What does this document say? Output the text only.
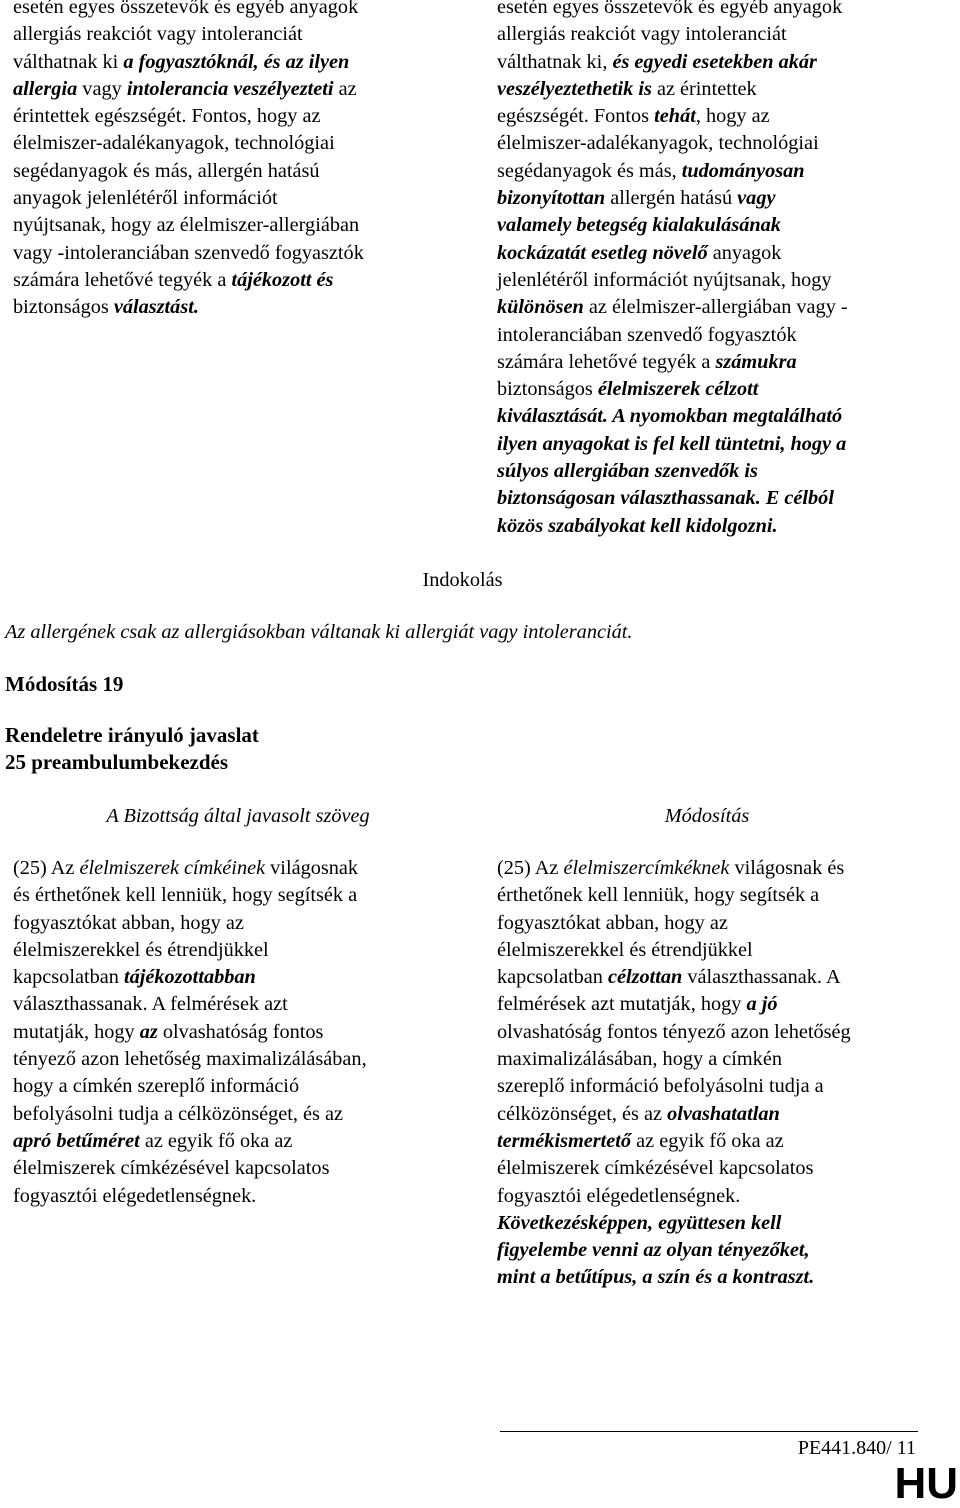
esetén egyes összetevők és egyéb anyagok
allergiás reakciót vagy intoleranciát
válthatnak ki a fogyasztóknál, és az ilyen
allergia vagy intolerancia veszélyezteti az
érintettek egészségét. Fontos, hogy az
élelmiszer-adalékanyagok, technológiai
segédanyagok és más, allergén hatású
anyagok jelenlétéről információt
nyújtsanak, hogy az élelmiszer-allergiában
vagy -intoleranciában szenvedő fogyasztók
számára lehetővé tegyék a tájékozott és
biztonságos választást.
esetén egyes összetevők és egyéb anyagok
allergiás reakciót vagy intoleranciát
válthatnak ki, és egyedi esetekben akár
veszélyeztethetik is az érintettek
egészségét. Fontos tehát, hogy az
élelmiszer-adalékanyagok, technológiai
segédanyagok és más, tudományosan
bizonyítottan allergén hatású vagy
valamely betegség kialakulásának
kockázatát esetleg növelő anyagok
jelenlétéről információt nyújtsanak, hogy
különösen az élelmiszer-allergiában vagy -
intoleranciában szenvedő fogyasztók
számára lehetővé tegyék a számukra
biztonságos élelmiszerek célzott
kiválasztását. A nyomokban megtalálható
ilyen anyagokat is fel kell tüntetni, hogy a
súlyos allergiában szenvedők is
biztonságosan választhassanak. E célból
közös szabályokat kell kidolgozni.
Indokolás
Az allergének csak az allergiásokban váltanak ki allergiát vagy intoleranciát.
Módosítás 19
Rendeletre irányuló javaslat
25 preambulumbekezdés
A Bizottság által javasolt szöveg	Módosítás
(25) Az élelmiszerek címkéinek világosnak
és érthetőnek kell lenniük, hogy segítsék a
fogyasztókat abban, hogy az
élelmiszerekkel és étrendjükkel
kapcsolatban tájékozottabban
választhassanak. A felmérések azt
mutatják, hogy az olvashatóság fontos
tényező azon lehetőség maximalizálásában,
hogy a címkén szereplő információ
befolyásolni tudja a célközönséget, és az
apró betűméret az egyik fő oka az
élelmiszerek címkézésével kapcsolatos
fogyasztói elégedetlenségnek.
(25) Az élelmiszercímkéknek világosnak és
érthetőnek kell lenniük, hogy segítsék a
fogyasztókat abban, hogy az
élelmiszerekkel és étrendjükkel
kapcsolatban célzottan választhassanak. A
felmérések azt mutatják, hogy a jó
olvashatóság fontos tényező azon lehetőség
maximalizálásában, hogy a címkén
szereplő információ befolyásolni tudja a
célközönséget, és az olvashatatlan
termékismertető az egyik fő oka az
élelmiszerek címkézésével kapcsolatos
fogyasztói elégedetlenségnek.
Következésképpen, együttesen kell
figyelembe venni az olyan tényezőket,
mint a betűtípus, a szín és a kontraszt.
PE441.840/ 11
HU
